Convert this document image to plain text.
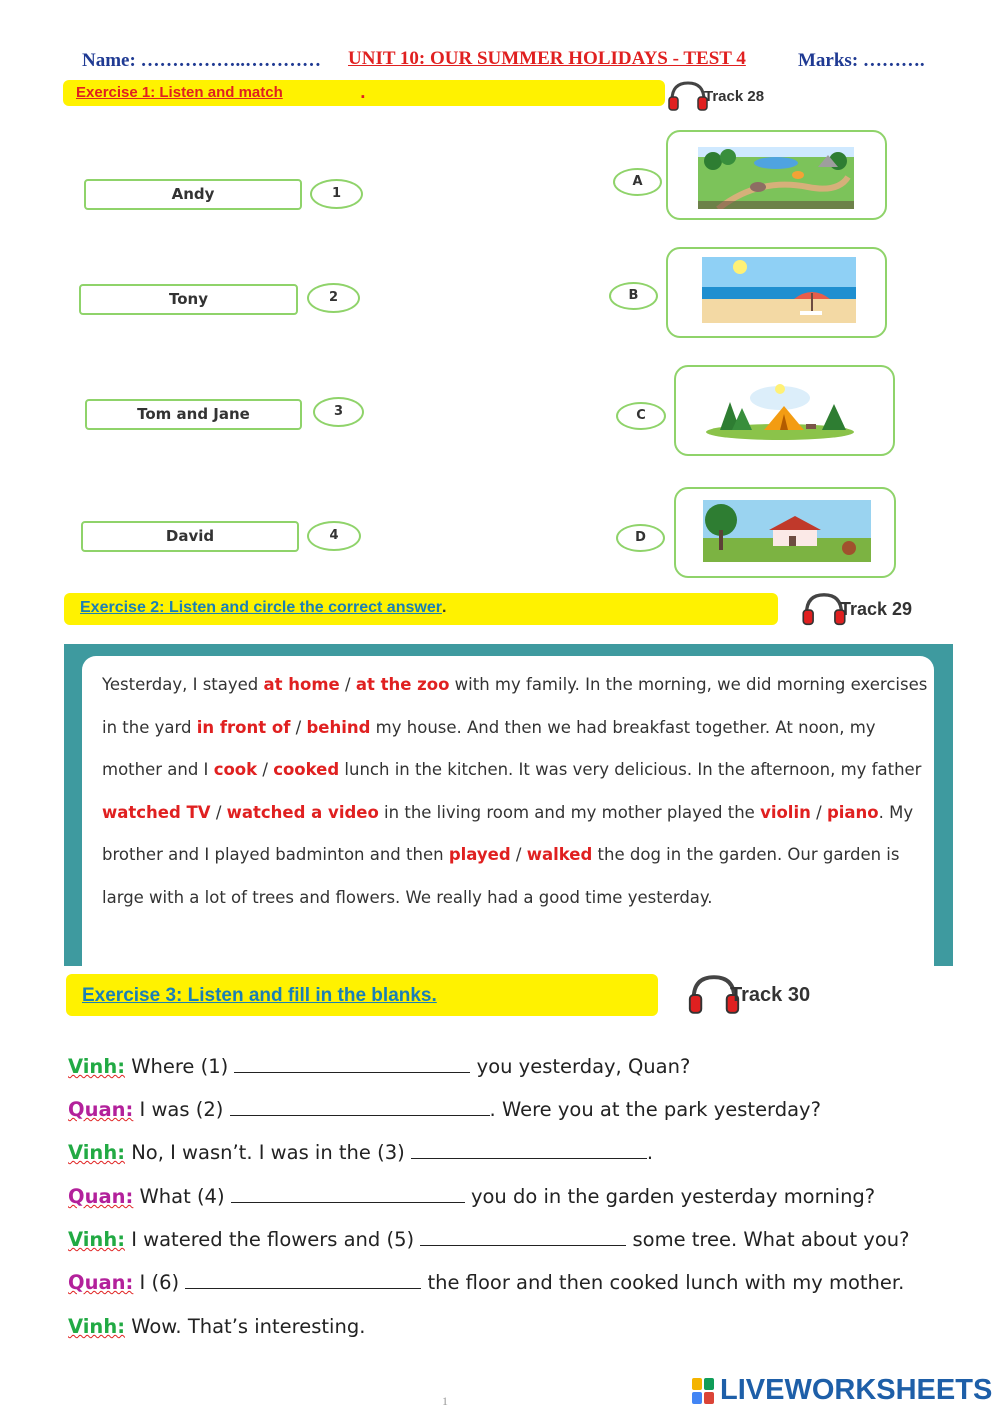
Name: ……………..………… UNIT 10: OUR SUMMER HOLIDAYS - TEST 4	Marks: ……….
Exercise 1: Listen and match	.	Track 28
Andy	1
Tony	2
Tom and Jane	3
David	4
A
B
C
D
Exercise 2: Listen and circle the correct answer.	Track 29
Yesterday, I stayed at home / at the zoo with my family. In the morning, we did morning exercises in the yard in front of / behind my house. And then we had breakfast together. At noon, my mother and I cook / cooked lunch in the kitchen. It was very delicious. In the afternoon, my father watched TV / watched a video in the living room and my mother played the violin / piano. My brother and I played badminton and then played / walked the dog in the garden. Our garden is large with a lot of trees and flowers. We really had a good time yesterday.
Exercise 3: Listen and fill in the blanks.	Track 30
Vinh: Where (1)	you yesterday, Quan?
Quan: I was (2)	. Were you at the park yesterday?
Vinh: No, I wasn’t. I was in the (3)	.
Quan: What (4)	you do in the garden yesterday morning?
Vinh: I watered the flowers and (5)	some tree. What about you?
Quan: I (6)	the floor and then cooked lunch with my mother.
Vinh: Wow. That’s interesting.
1	LIVEWORKSHEETS
